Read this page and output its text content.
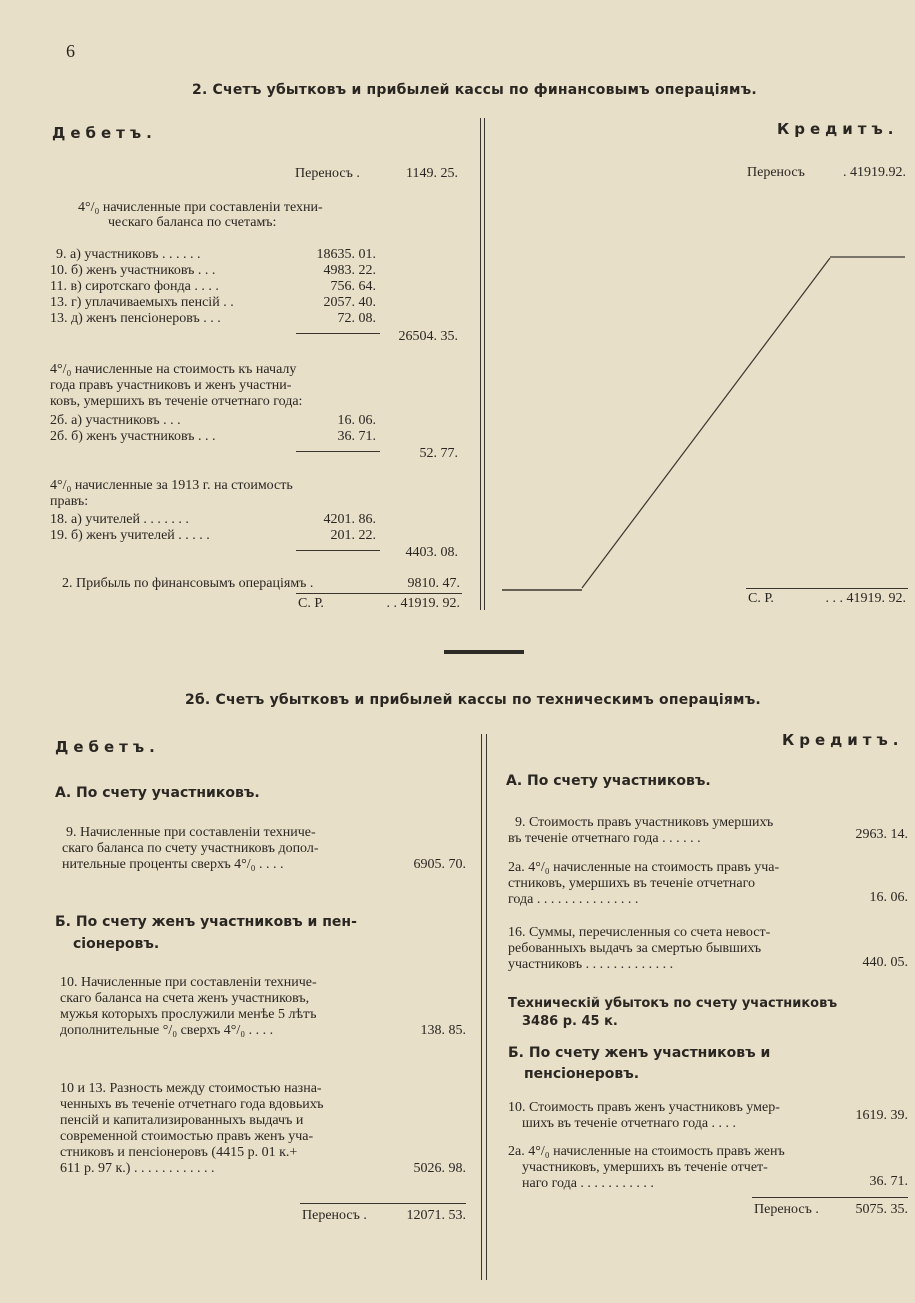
6
2. Счетъ убытковъ и прибылей кассы по финансовымъ операціямъ.
Дебетъ.	Кредитъ.
Переносъ .	1149. 25.
4°/₀ начисленные при составленіи техни-
ческаго баланса по счетамъ:
9. а) участниковъ . . . . . .	18635. 01.
10. б) женъ участниковъ . . .	4983. 22.
11. в) сиротскаго фонда . . . .	756. 64.
13. г) уплачиваемыхъ пенсій . .	2057. 40.
13. д) женъ пенсіонеровъ . . .	72. 08.
26504. 35.
4°/₀ начисленные на стоимость къ началу
года правъ участниковъ и женъ участни-
ковъ, умершихъ въ теченіе отчетнаго года:
2б. а) участниковъ . . .	16. 06.
2б. б) женъ участниковъ . . .	36. 71.
52. 77.
4°/₀ начисленные за 1913 г. на стоимость
правъ:
18. а) учителей . . . . . . .	4201. 86.
19. б) женъ учителей . . . . .	201. 22.
4403. 08.
2. Прибыль по финансовымъ операціямъ .	9810. 47.
С. Р.	. . 41919. 92.
Переносъ	. 41919.92.
С. Р.	. . . 41919. 92.
2б. Счетъ убытковъ и прибылей кассы по техническимъ операціямъ.
Дебетъ.	Кредитъ.
А. По счету участниковъ.
9. Начисленные при составленіи техниче-
скаго баланса по счету участниковъ допол-
нительные проценты сверхъ 4°/₀ . . . .	6905. 70.
Б. По счету женъ участниковъ и пен-
сіонеровъ.
10. Начисленные при составленіи техниче-
скаго баланса на счета женъ участниковъ,
мужья которыхъ прослужили менѣе 5 лѣтъ
дополнительные °/₀ сверхъ 4°/₀ . . . .	138. 85.
10 и 13. Разность между стоимостью назна-
ченныхъ въ теченіе отчетнаго года вдовьихъ
пенсій и капитализированныхъ выдачъ и
современной стоимостью правъ женъ уча-
стниковъ и пенсіонеровъ (4415 р. 01 к.+
611 р. 97 к.) . . . . . . . . . . . .	5026. 98.
Переносъ .	12071. 53.
А. По счету участниковъ.
9. Стоимость правъ участниковъ умершихъ
въ теченіе отчетнаго года . . . . . .	2963. 14.
2а. 4°/₀ начисленные на стоимость правъ уча-
стниковъ, умершихъ въ теченіе отчетнаго
года . . . . . . . . . . . . . . .	16. 06.
16. Суммы, перечисленныя со счета невост-
ребованныхъ выдачъ за смертью бывшихъ
участниковъ . . . . . . . . . . . . .	440. 05.
Техническій убытокъ по счету участниковъ
3486 р. 45 к.
Б. По счету женъ участниковъ и
пенсіонеровъ.
10. Стоимость правъ женъ участниковъ умер-
шихъ въ теченіе отчетнаго года . . . .
1619. 39.
2а. 4°/₀ начисленные на стоимость правъ женъ
участниковъ, умершихъ въ теченіе отчет-
наго года . . . . . . . . . . .	36. 71.
Переносъ .	5075. 35.
